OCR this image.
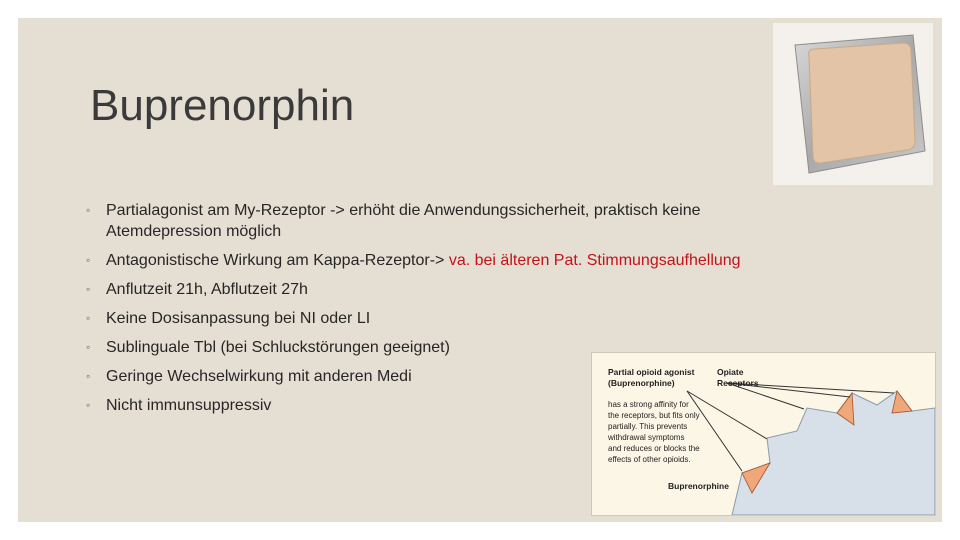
Buprenorphin
◦ Partialagonist am My-Rezeptor -> erhöht die Anwendungssicherheit, praktisch keine Atemdepression möglich
◦ Antagonistische Wirkung am Kappa-Rezeptor-> va. bei älteren Pat. Stimmungsaufhellung
◦ Anflutzeit 21h, Abflutzeit 27h
◦ Keine Dosisanpassung bei NI oder LI
◦ Sublinguale Tbl (bei Schluckstörungen geeignet)
◦ Geringe Wechselwirkung mit anderen Medi
◦ Nicht immunsuppressiv
Partial opioid agonist
(Buprenorphine)
Opiate
Receptors
has a strong affinity for
the receptors, but fits only
partially. This prevents
withdrawal symptoms
and reduces or blocks the
effects of other opioids.
Buprenorphine
